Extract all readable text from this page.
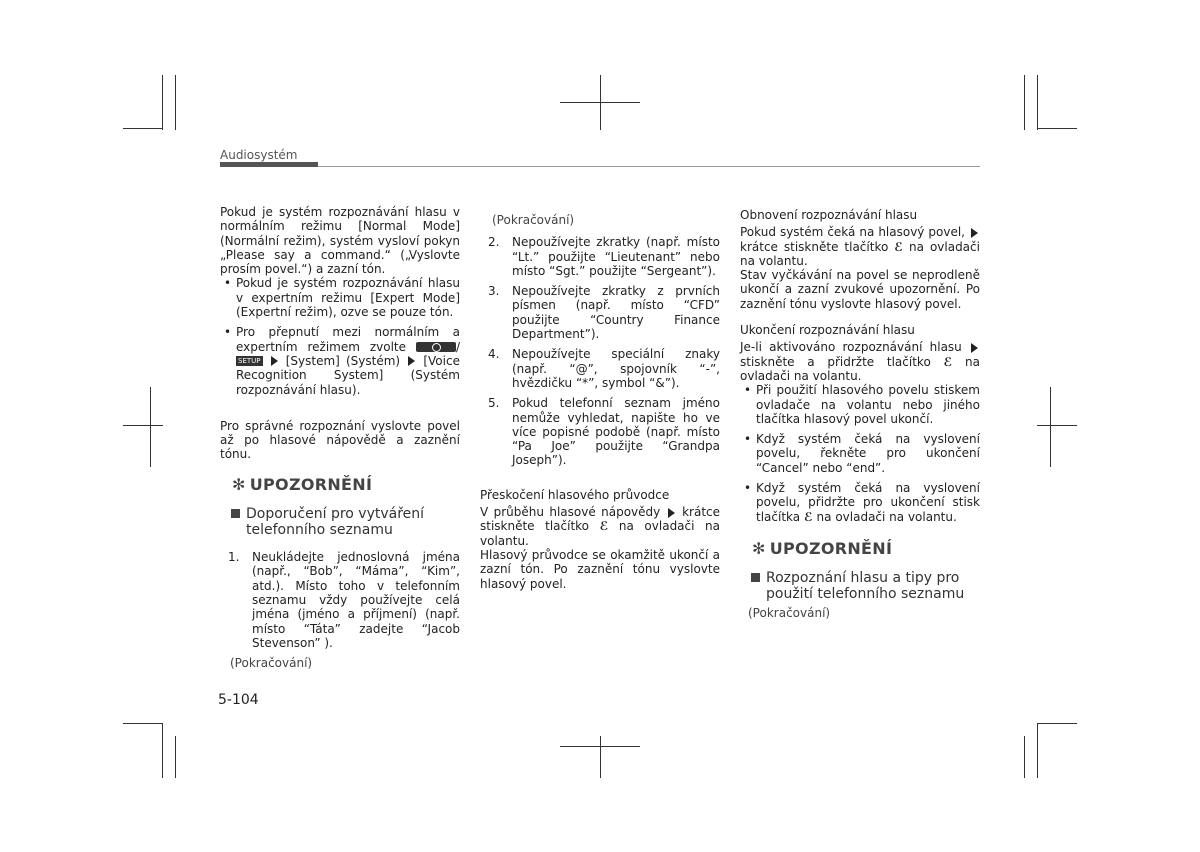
Audiosystém

Pokud je systém rozpoznávání hlasu v normálním režimu [Normal Mode] (Normální režim), systém vysloví pokyn „Please say a command.“ („Vyslovte prosím povel.“) a zazní tón.

• Pokud je systém rozpoznávání hlasu v expertním režimu [Expert Mode] (Expertní režim), ozve se pouze tón.
• Pro přepnutí mezi normálním a expertním režimem zvolte	/ SETUP [System] (Systém) [Voice Recognition System] (Systém rozpoznávání hlasu).

Pro správné rozpoznání vyslovte povel až po hlasové nápovědě a zaznění tónu.

✻ UPOZORNĚNÍ
Doporučení pro vytváření telefonního seznamu
1.	Neukládejte jednoslovná jména (např., “Bob”, “Máma”, “Kim”, atd.). Místo toho v telefonním seznamu vždy používejte celá jména (jméno a příjmení) (např. místo “Táta” zadejte “Jacob Stevenson” ).

(Pokračování)

(Pokračování)

2.	Nepoužívejte zkratky (např. místo “Lt.” použijte “Lieutenant” nebo místo “Sgt.” použijte “Sergeant”).
3.	Nepoužívejte zkratky z prvních písmen (např. místo “CFD” použijte “Country Finance Department”).
4.	Nepoužívejte speciální znaky (např. “@”, spojovník “-”, hvězdičku “*”, symbol “&”).
5.	Pokud telefonní seznam jméno nemůže vyhledat, napište ho ve více popisné podobě (např. místo “Pa Joe” použijte “Grandpa Joseph”).

Přeskočení hlasového průvodce

V průběhu hlasové nápovědy krátce stiskněte tlačítko ℰ na ovladači na volantu.

Hlasový průvodce se okamžitě ukončí a zazní tón. Po zaznění tónu vyslovte hlasový povel.

Obnovení rozpoznávání hlasu

Pokud systém čeká na hlasový povel,  krátce stiskněte tlačítko ℰ na ovladači na volantu.

Stav vyčkávání na povel se neprodleně ukončí a zazní zvukové upozornění. Po zaznění tónu vyslovte hlasový povel.

Ukončení rozpoznávání hlasu

Je-li aktivováno rozpoznávání hlasu  stiskněte a přidržte tlačítko ℰ na ovladači na volantu.

• Při použití hlasového povelu stiskem ovladače na volantu nebo jiného tlačítka hlasový povel ukončí.
• Když systém čeká na vyslovení povelu, řekněte pro ukončení “Cancel” nebo “end”.
• Když systém čeká na vyslovení povelu, přidržte pro ukončení stisk tlačítka ℰ na ovladači na volantu.
✻ UPOZORNĚNÍ
Rozpoznání hlasu a tipy pro použití telefonního seznamu

(Pokračování)

5-104
